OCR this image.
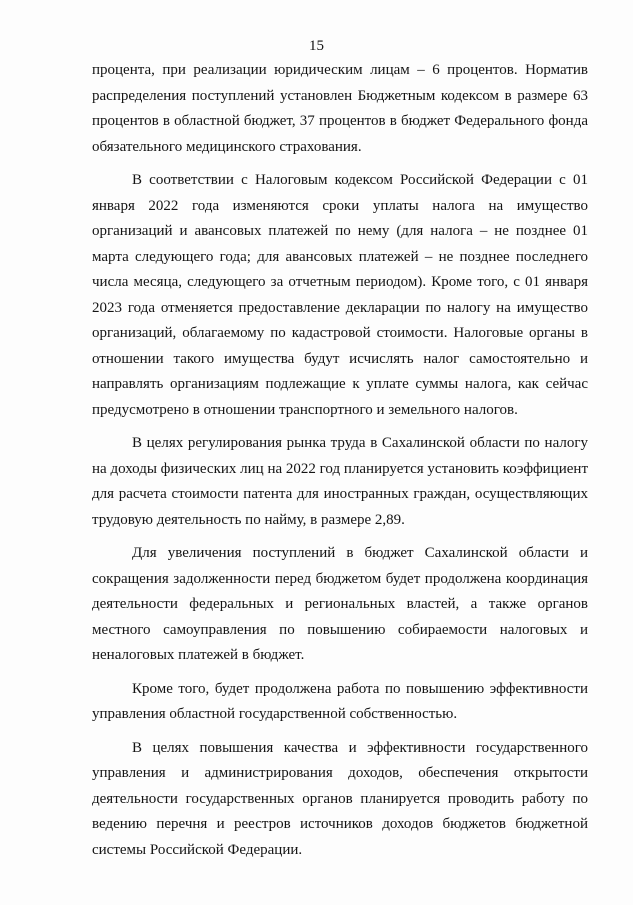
15

процента, при реализации юридическим лицам – 6 процентов. Норматив распределения поступлений установлен Бюджетным кодексом в размере 63 процентов в областной бюджет, 37 процентов в бюджет Федерального фонда обязательного медицинского страхования.

В соответствии с Налоговым кодексом Российской Федерации с 01 января 2022 года изменяются сроки уплаты налога на имущество организаций и авансовых платежей по нему (для налога – не позднее 01 марта следующего года; для авансовых платежей – не позднее последнего числа месяца, следующего за отчетным периодом). Кроме того, с 01 января 2023 года отменяется предоставление декларации по налогу на имущество организаций, облагаемому по кадастровой стоимости. Налоговые органы в отношении такого имущества будут исчислять налог самостоятельно и направлять организациям подлежащие к уплате суммы налога, как сейчас предусмотрено в отношении транспортного и земельного налогов.

В целях регулирования рынка труда в Сахалинской области по налогу на доходы физических лиц на 2022 год планируется установить коэффициент для расчета стоимости патента для иностранных граждан, осуществляющих трудовую деятельность по найму, в размере 2,89.

Для увеличения поступлений в бюджет Сахалинской области и сокращения задолженности перед бюджетом будет продолжена координация деятельности федеральных и региональных властей, а также органов местного самоуправления по повышению собираемости налоговых и неналоговых платежей в бюджет.

Кроме того, будет продолжена работа по повышению эффективности управления областной государственной собственностью.

В целях повышения качества и эффективности государственного управления и администрирования доходов, обеспечения открытости деятельности государственных органов планируется проводить работу по ведению перечня и реестров источников доходов бюджетов бюджетной системы Российской Федерации.
